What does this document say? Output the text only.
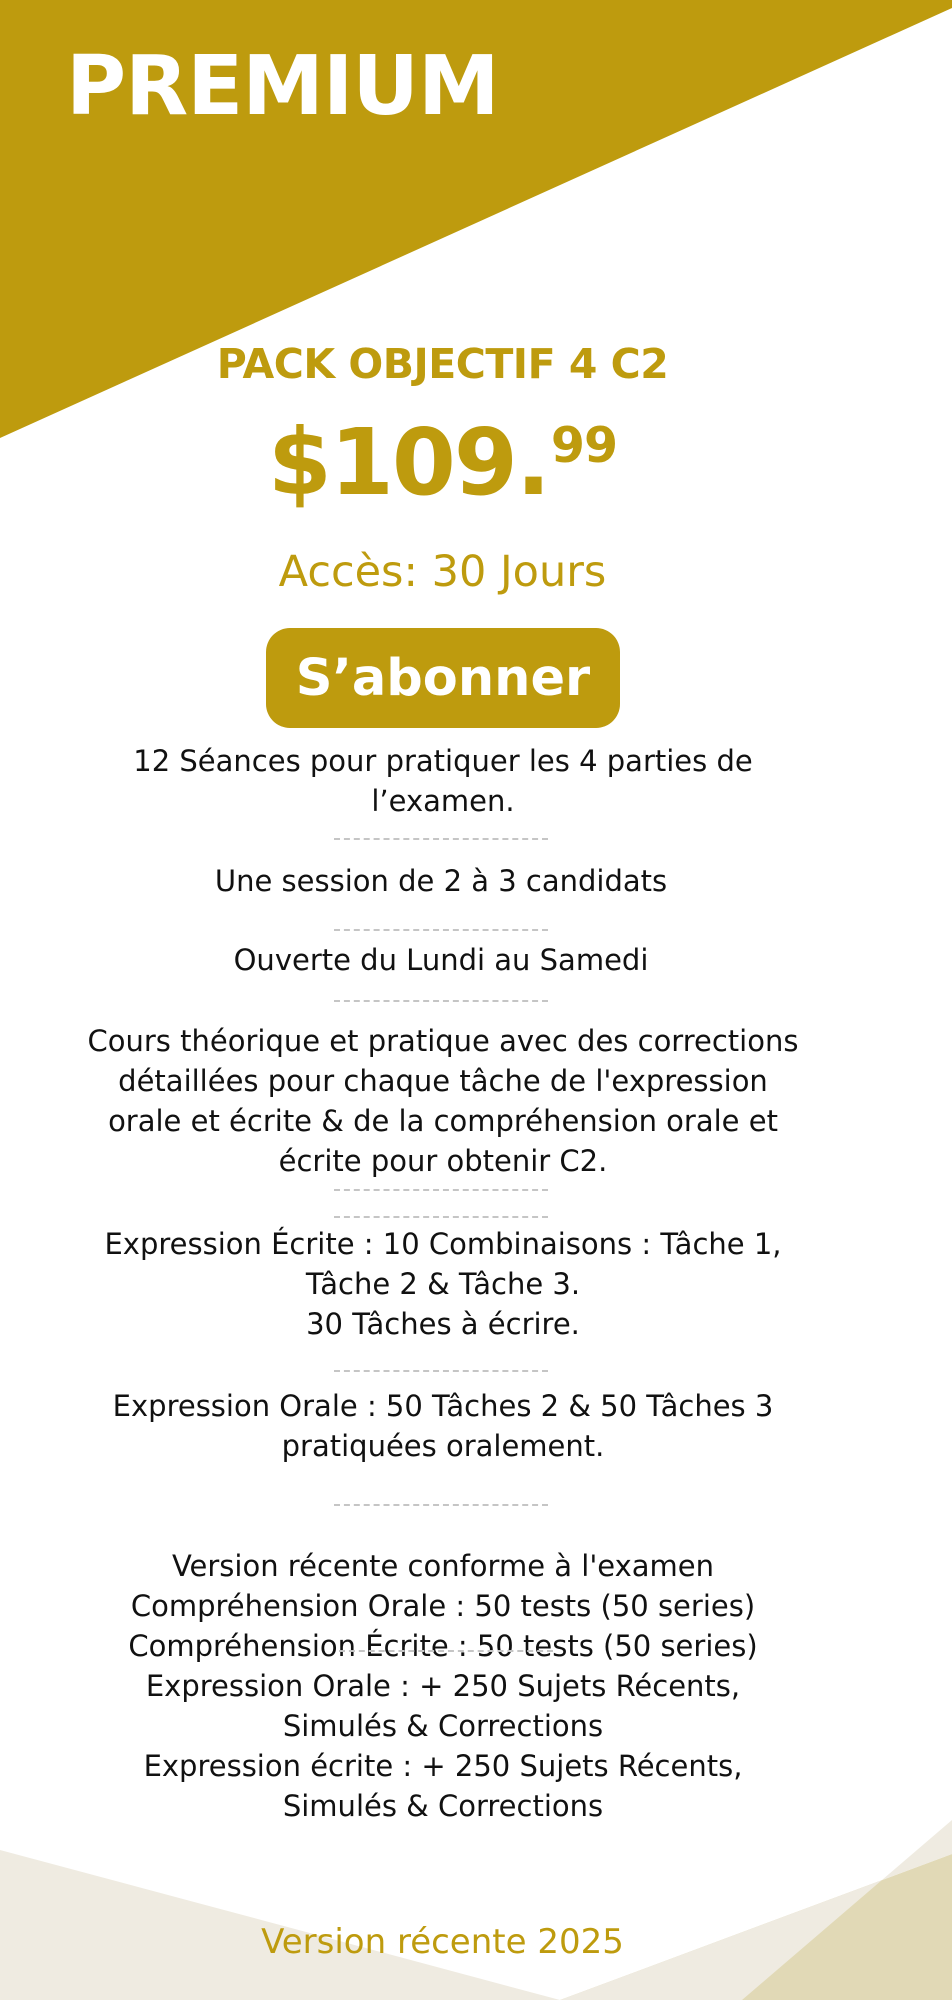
PREMIUM
PACK OBJECTIF 4 C2
$109.99
Accès: 30 Jours
S’abonner

12 Séances pour pratiquer les 4 parties de l’examen.

Une session de 2 à 3 candidats

Ouverte du Lundi au Samedi

Cours théorique et pratique avec des corrections détaillées pour chaque tâche de l'expression orale et écrite & de la compréhension orale et écrite pour obtenir C2.

Expression Écrite : 10 Combinaisons : Tâche 1,
Tâche 2 & Tâche 3.
30 Tâches à écrire.

Expression Orale : 50 Tâches 2 & 50 Tâches 3 pratiquées oralement.

Version récente conforme à l'examen
Compréhension Orale : 50 tests (50 series)
Compréhension Écrite : 50 tests (50 series)
Expression Orale : + 250 Sujets Récents,
Simulés & Corrections
Expression écrite : + 250 Sujets Récents,
Simulés & Corrections
Version récente 2025
